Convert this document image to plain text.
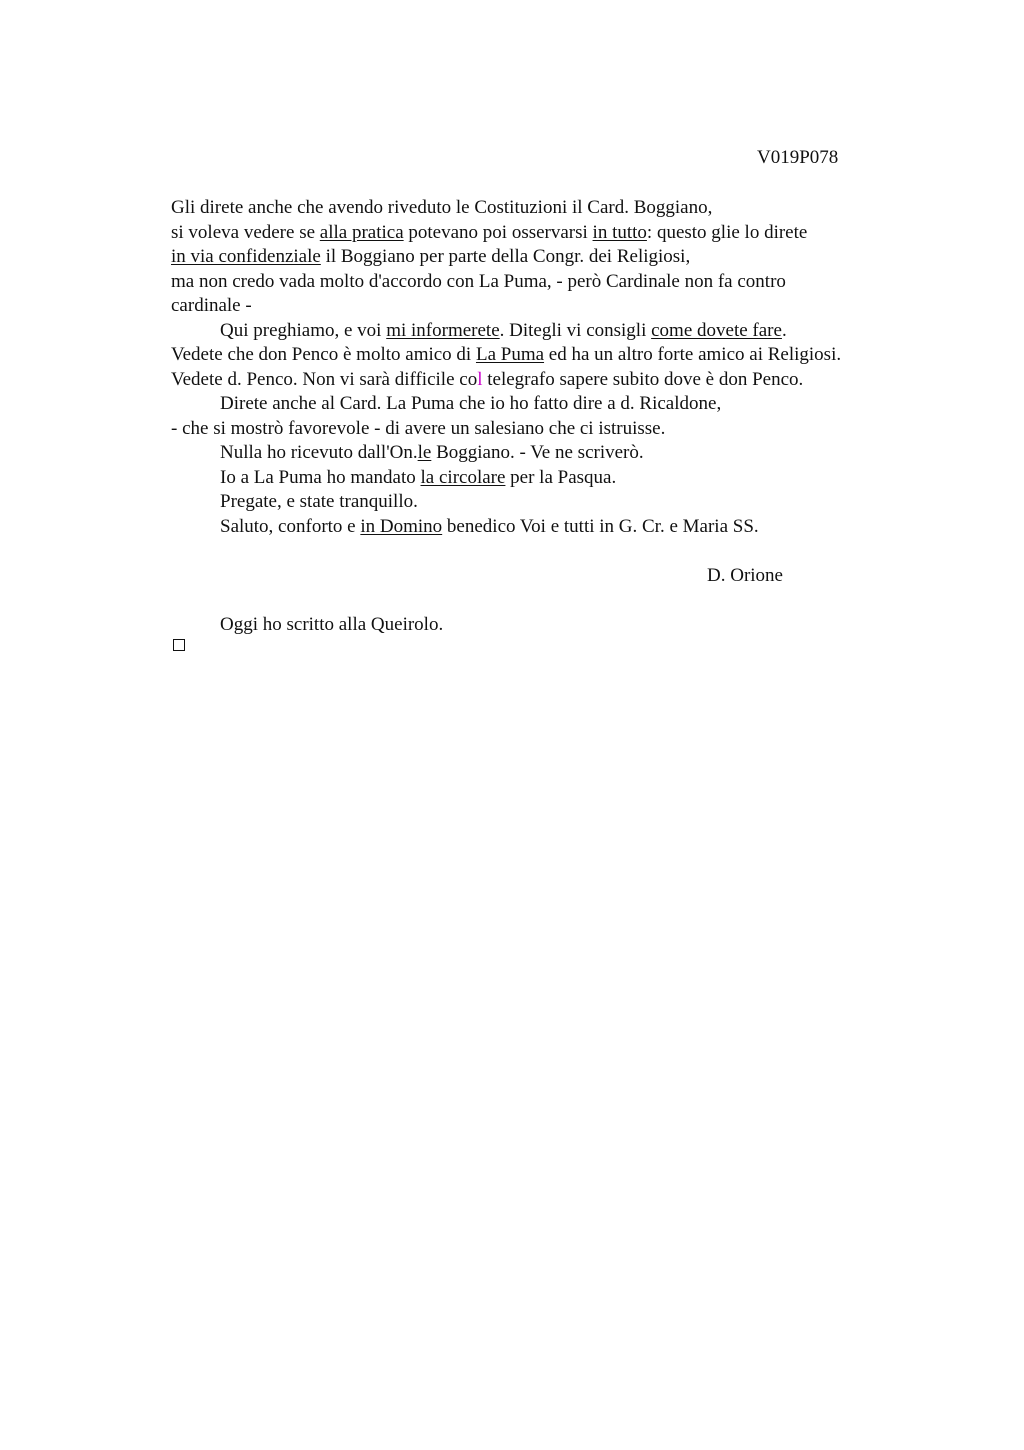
V019P078
Gli direte anche che avendo riveduto le Costituzioni il Card. Boggiano,
si voleva vedere se alla pratica potevano poi osservarsi in tutto: questo glie lo direte
in via confidenziale il Boggiano per parte della Congr. dei Religiosi,
ma non credo vada molto d'accordo con La Puma, - però Cardinale non fa contro
cardinale -
Qui preghiamo, e voi mi informerete. Ditegli vi consigli come dovete fare.
Vedete che don Penco è molto amico di La Puma ed ha un altro forte amico ai Religiosi.
Vedete d. Penco. Non vi sarà difficile col telegrafo sapere subito dove è don Penco.
Direte anche al Card. La Puma che io ho fatto dire a d. Ricaldone,
- che si mostrò favorevole - di avere un salesiano che ci istruisse.
Nulla ho ricevuto dall'On.le Boggiano. - Ve ne scriverò.
Io a La Puma ho mandato la circolare per la Pasqua.
Pregate, e state tranquillo.
Saluto, conforto e in Domino benedico Voi e tutti in G. Cr. e Maria SS.
D. Orione
Oggi ho scritto alla Queirolo.
